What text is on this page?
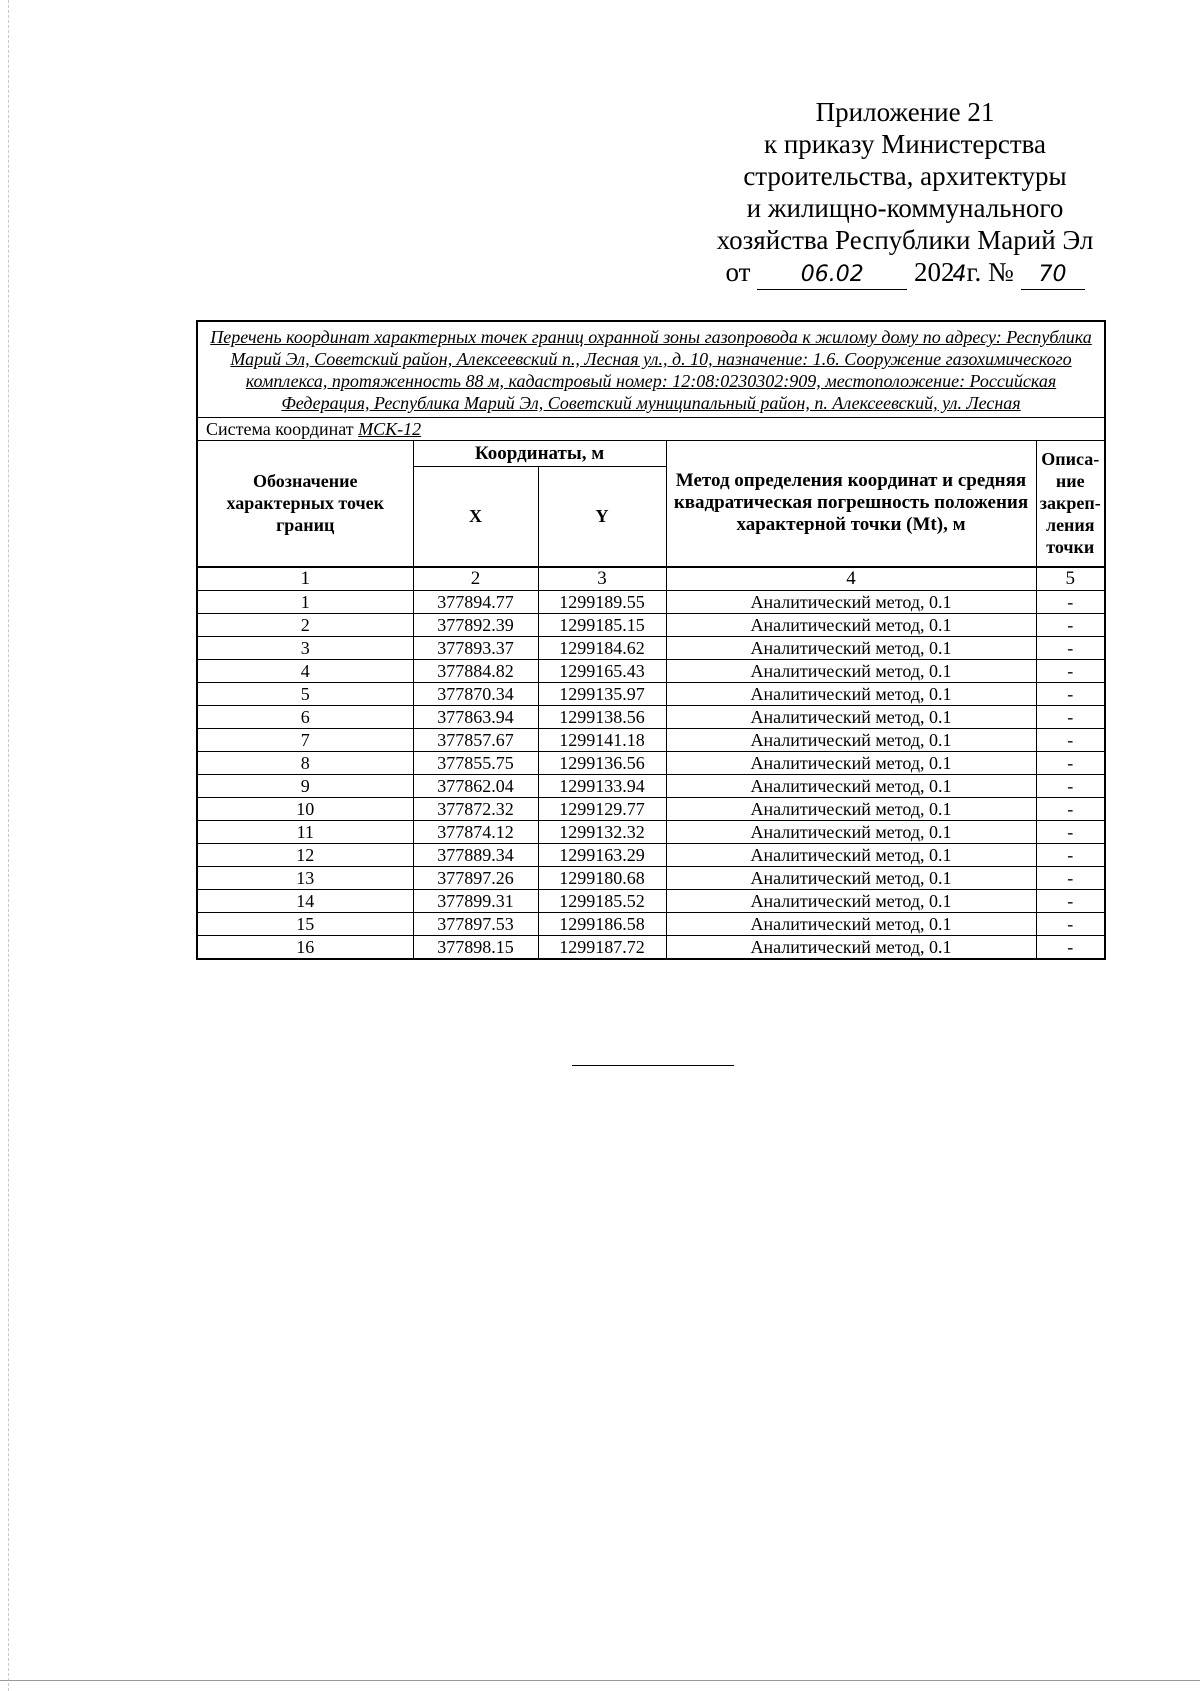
Приложение 21
к приказу Министерства
строительства, архитектуры
и жилищно-коммунального
хозяйства Республики Марий Эл
от 06.02 2024г. № 70
Перечень координат характерных точек границ охранной зоны газопровода к жилому дому по адресу: Республика Марий Эл, Советский район, Алексеевский п., Лесная ул., д. 10, назначение: 1.6. Сооружение газохимического комплекса, протяженность 88 м, кадастровый номер: 12:08:0230302:909, местоположение: Российская Федерация, Республика Марий Эл, Советский муниципальный район, п. Алексеевский, ул. Лесная				
Система координат МСК-12				
Обозначение характерных точек границ	Координаты, м		Метод определения координат и средняя квадратическая погрешность положения характерной точки (Mt), м	Описа-ние закреп-ления точки
	X	Y		
1	2	3	4	5
1	377894.77	1299189.55	Аналитический метод, 0.1	-
2	377892.39	1299185.15	Аналитический метод, 0.1	-
3	377893.37	1299184.62	Аналитический метод, 0.1	-
4	377884.82	1299165.43	Аналитический метод, 0.1	-
5	377870.34	1299135.97	Аналитический метод, 0.1	-
6	377863.94	1299138.56	Аналитический метод, 0.1	-
7	377857.67	1299141.18	Аналитический метод, 0.1	-
8	377855.75	1299136.56	Аналитический метод, 0.1	-
9	377862.04	1299133.94	Аналитический метод, 0.1	-
10	377872.32	1299129.77	Аналитический метод, 0.1	-
11	377874.12	1299132.32	Аналитический метод, 0.1	-
12	377889.34	1299163.29	Аналитический метод, 0.1	-
13	377897.26	1299180.68	Аналитический метод, 0.1	-
14	377899.31	1299185.52	Аналитический метод, 0.1	-
15	377897.53	1299186.58	Аналитический метод, 0.1	-
16	377898.15	1299187.72	Аналитический метод, 0.1	-
